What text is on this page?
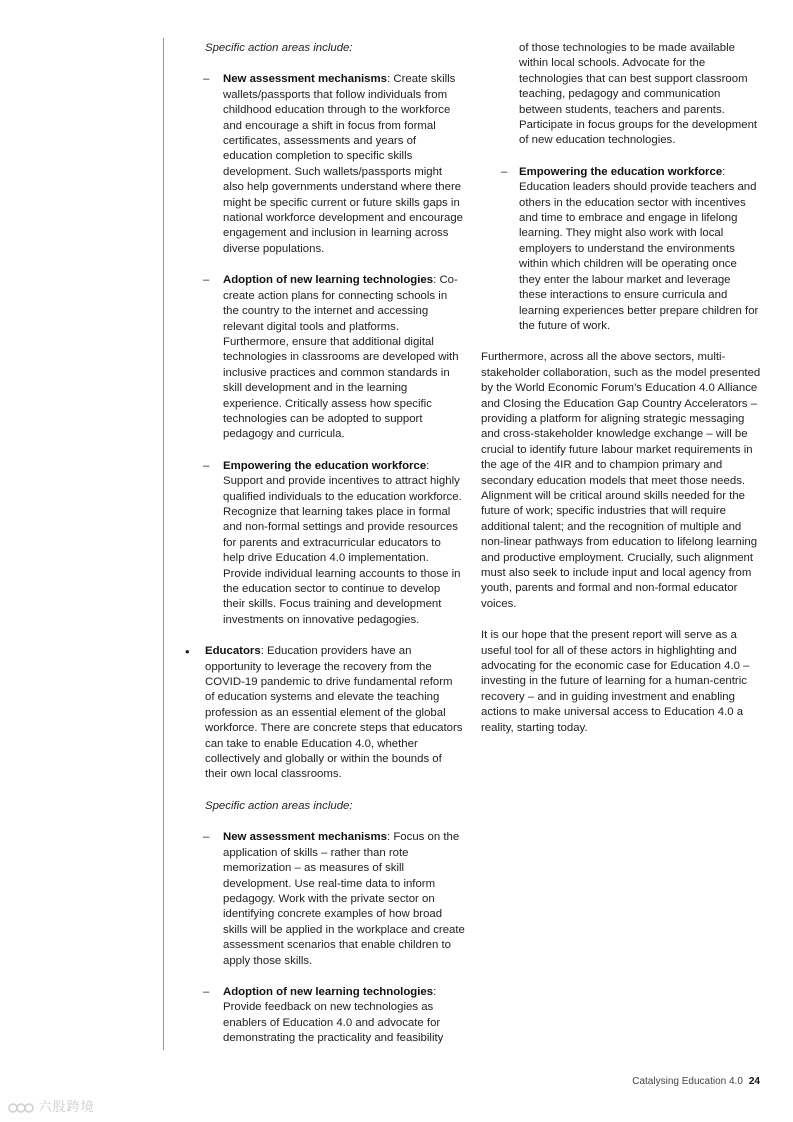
Specific action areas include:

– New assessment mechanisms: Create skills wallets/passports that follow individuals from childhood education through to the workforce and encourage a shift in focus from formal certificates, assessments and years of education completion to specific skills development. Such wallets/passports might also help governments understand where there might be specific current or future skills gaps in national workforce development and encourage engagement and inclusion in learning across diverse populations.
– Adoption of new learning technologies: Co-create action plans for connecting schools in the country to the internet and accessing relevant digital tools and platforms. Furthermore, ensure that additional digital technologies in classrooms are developed with inclusive practices and common standards in skill development and in the learning experience. Critically assess how specific technologies can be adopted to support pedagogy and curricula.
– Empowering the education workforce: Support and provide incentives to attract highly qualified individuals to the education workforce. Recognize that learning takes place in formal and non-formal settings and provide resources for parents and extracurricular educators to help drive Education 4.0 implementation. Provide individual learning accounts to those in the education sector to continue to develop their skills. Focus training and development investments on innovative pedagogies.
• Educators: Education providers have an opportunity to leverage the recovery from the COVID-19 pandemic to drive fundamental reform of education systems and elevate the teaching profession as an essential element of the global workforce. There are concrete steps that educators can take to enable Education 4.0, whether collectively and globally or within the bounds of their own local classrooms.

Specific action areas include:

– New assessment mechanisms: Focus on the application of skills – rather than rote memorization – as measures of skill development. Use real-time data to inform pedagogy. Work with the private sector on identifying concrete examples of how broad skills will be applied in the workplace and create assessment scenarios that enable children to apply those skills.
– Adoption of new learning technologies: Provide feedback on new technologies as enablers of Education 4.0 and advocate for demonstrating the practicality and feasibility

of those technologies to be made available within local schools. Advocate for the technologies that can best support classroom teaching, pedagogy and communication between students, teachers and parents. Participate in focus groups for the development of new education technologies.

– Empowering the education workforce: Education leaders should provide teachers and others in the education sector with incentives and time to embrace and engage in lifelong learning. They might also work with local employers to understand the environments within which children will be operating once they enter the labour market and leverage these interactions to ensure curricula and learning experiences better prepare children for the future of work.

Furthermore, across all the above sectors, multi-stakeholder collaboration, such as the model presented by the World Economic Forum’s Education 4.0 Alliance and Closing the Education Gap Country Accelerators – providing a platform for aligning strategic messaging and cross-stakeholder knowledge exchange – will be crucial to identify future labour market requirements in the age of the 4IR and to champion primary and secondary education models that meet those needs. Alignment will be critical around skills needed for the future of work; specific industries that will require additional talent; and the recognition of multiple and non-linear pathways from education to lifelong learning and productive employment. Crucially, such alignment must also seek to include input and local agency from youth, parents and formal and non-formal educator voices.

It is our hope that the present report will serve as a useful tool for all of these actors in highlighting and advocating for the economic case for Education 4.0 – investing in the future of learning for a human-centric recovery – and in guiding investment and enabling actions to make universal access to Education 4.0 a reality, starting today.

Catalysing Education 4.0 24
六股跨境
